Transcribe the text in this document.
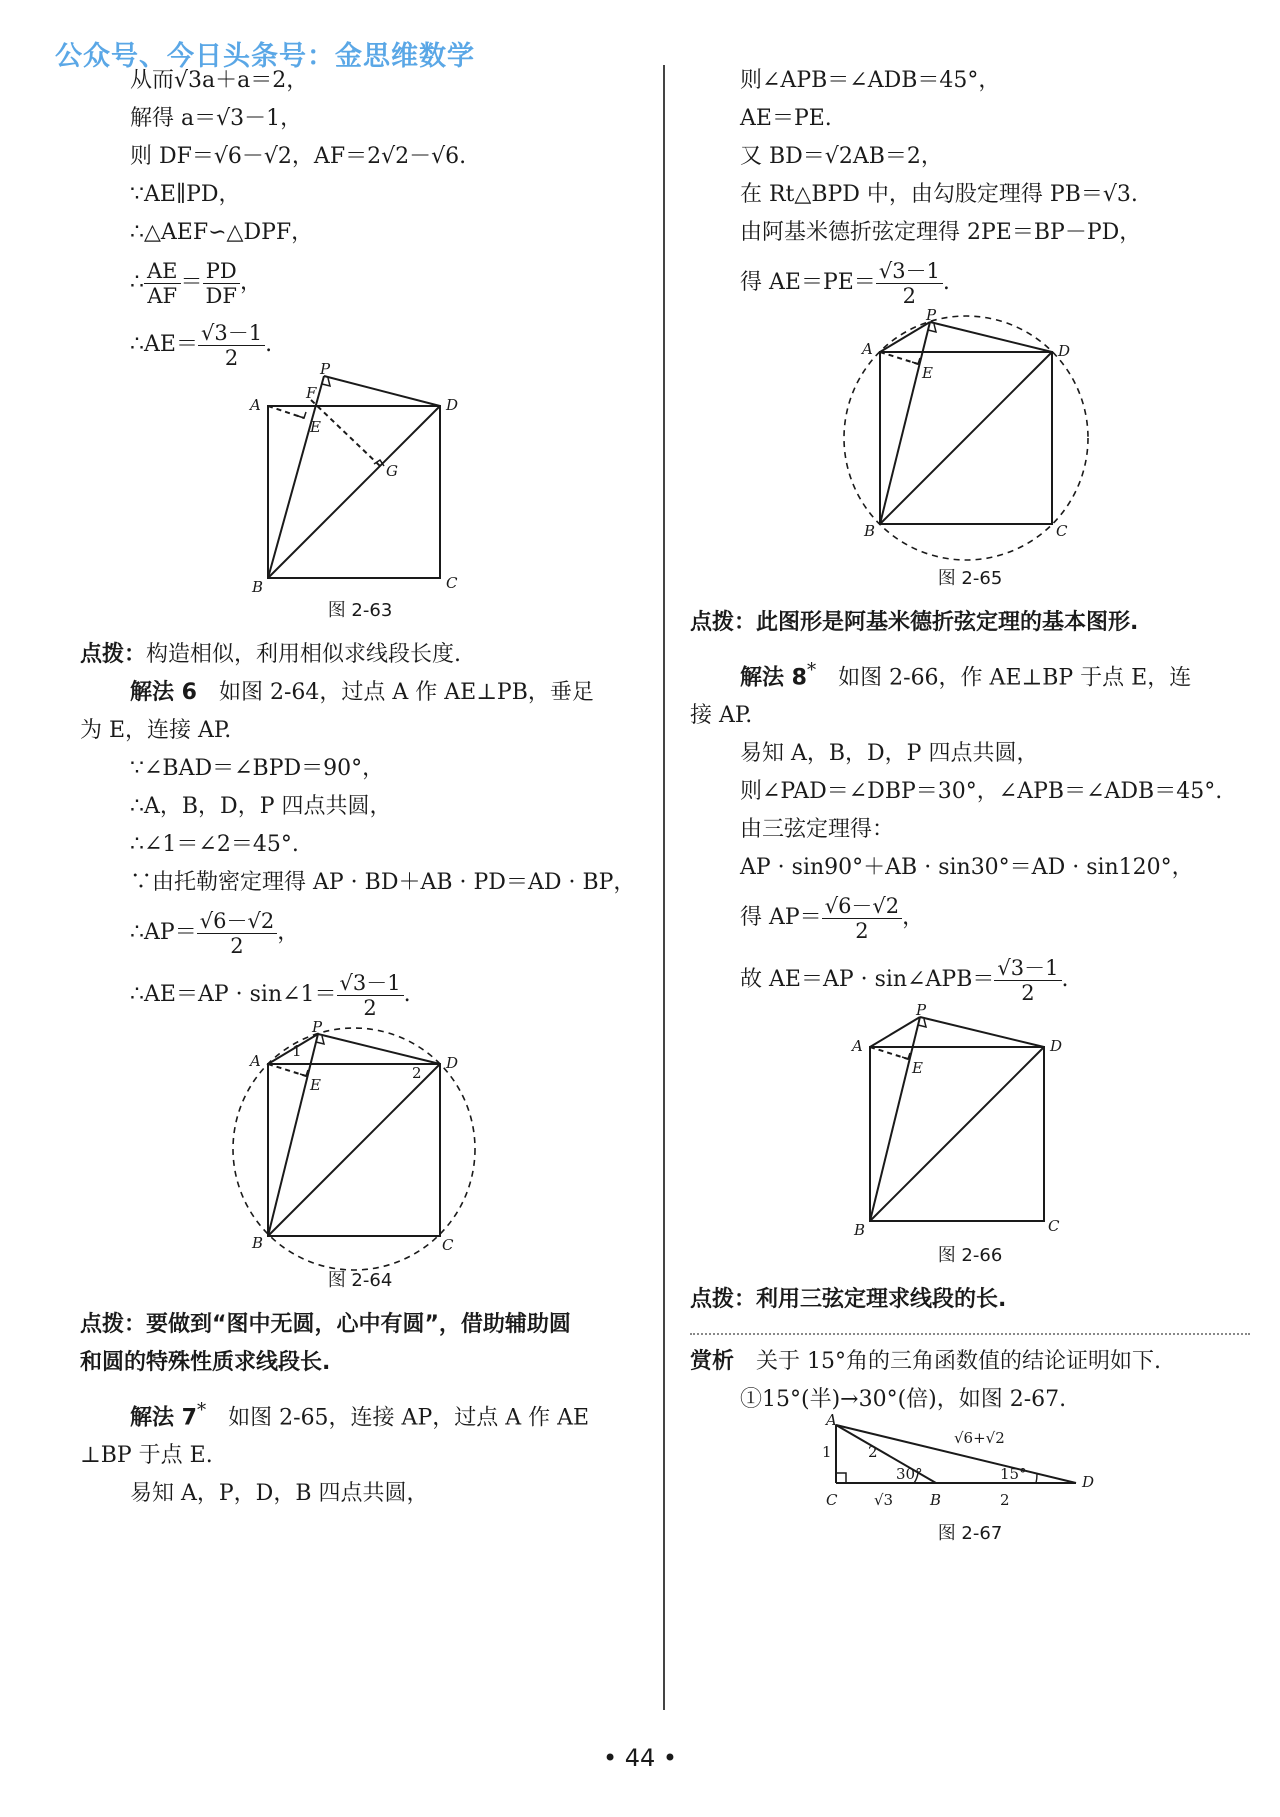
公众号、今日头条号：金思维数学
从而√3a＋a＝2，
解得 a＝√3－1，
则 DF＝√6－√2，AF＝2√2－√6.
∵AE∥PD，
∴△AEF∽△DPF，
∴ $\frac{AE}{AF} = \frac{PD}{DF}$ ，
∴AE＝ $\frac{√3-1}{2}$ .
P
A
F
E
D
G
B	C
图 2-63
点拨：构造相似，利用相似求线段长度.
解法 6　如图 2-64，过点 A 作 AE⊥PB，垂足
为 E，连接 AP.
∵∠BAD＝∠BPD＝90°，
∴A，B，D，P 四点共圆，
∴∠1＝∠2＝45°.
∵由托勒密定理得 AP · BD＋AB · PD＝AD · BP，
∴AP＝ $\frac{√6-√2}{2}$ ，
∴AE＝AP · sin∠1＝ $\frac{√3-1}{2}$ .
P
A
1
2
E
D
B	C
图 2-64
点拨：要做到“图中无圆，心中有圆”，借助辅助圆
和圆的特殊性质求线段长.
解法 7*　如图 2-65，连接 AP，过点 A 作 AE
⊥BP 于点 E.
易知 A，P，D，B 四点共圆，
则∠APB＝∠ADB＝45°，
AE＝PE.
又 BD＝√2AB＝2，
在 Rt△BPD 中，由勾股定理得 PB＝√3.
由阿基米德折弦定理得 2PE＝BP－PD，
得 $AE=PE= \frac{√3-1}{2}$ .
P
A
E
D
B	C
图 2-65
点拨：此图形是阿基米德折弦定理的基本图形.
解法 8*　如图 2-66，作 AE⊥BP 于点 E，连
接 AP.
易知 A，B，D，P 四点共圆，
则∠PAD＝∠DBP＝30°，∠APB＝∠ADB＝45°.
由三弦定理得：
AP · sin90°＋AB · sin30°＝AD · sin120°，
得 $AP= \frac{√6-√2}{2}$ ，
故 AE＝AP · sin∠APB＝ $\frac{√3-1}{2}$ .
P
A
E
D
B	C
图 2-66
点拨：利用三弦定理求线段的长.
赏析　关于 15°角的三角函数值的结论证明如下.
①15°(半)→30°(倍)，如图 2-67.
A
1 2
√6+√2
30°	15°
C √3 B	2
D
图 2-67
• 44 •
